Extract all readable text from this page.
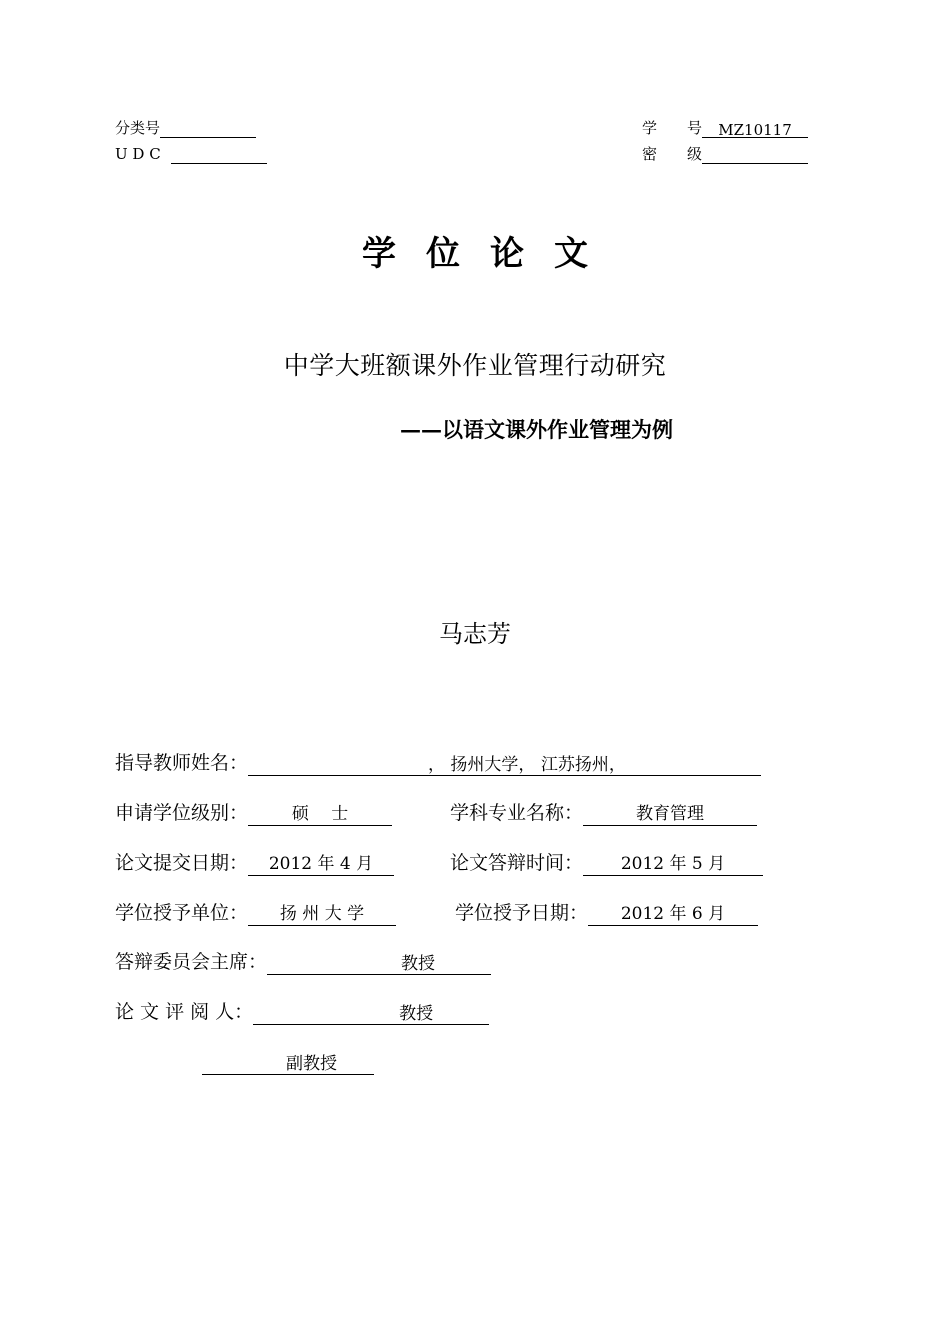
分类号
U D C
学　　号 MZ10117
密　　级
学位论文
中学大班额课外作业管理行动研究
——以语文课外作业管理为例
马志芳
指导教师姓名：	， 扬州大学， 江苏扬州，
申请学位级别：	硕　 士	学科专业名称：	教育管理
论文提交日期： 2012 年 4 月	论文答辩时间： 2012 年 5 月
学位授予单位： 扬 州 大 学	学位授予日期： 2012 年 6 月
答辩委员会主席：	教授
论 文 评 阅 人：	教授
副教授
